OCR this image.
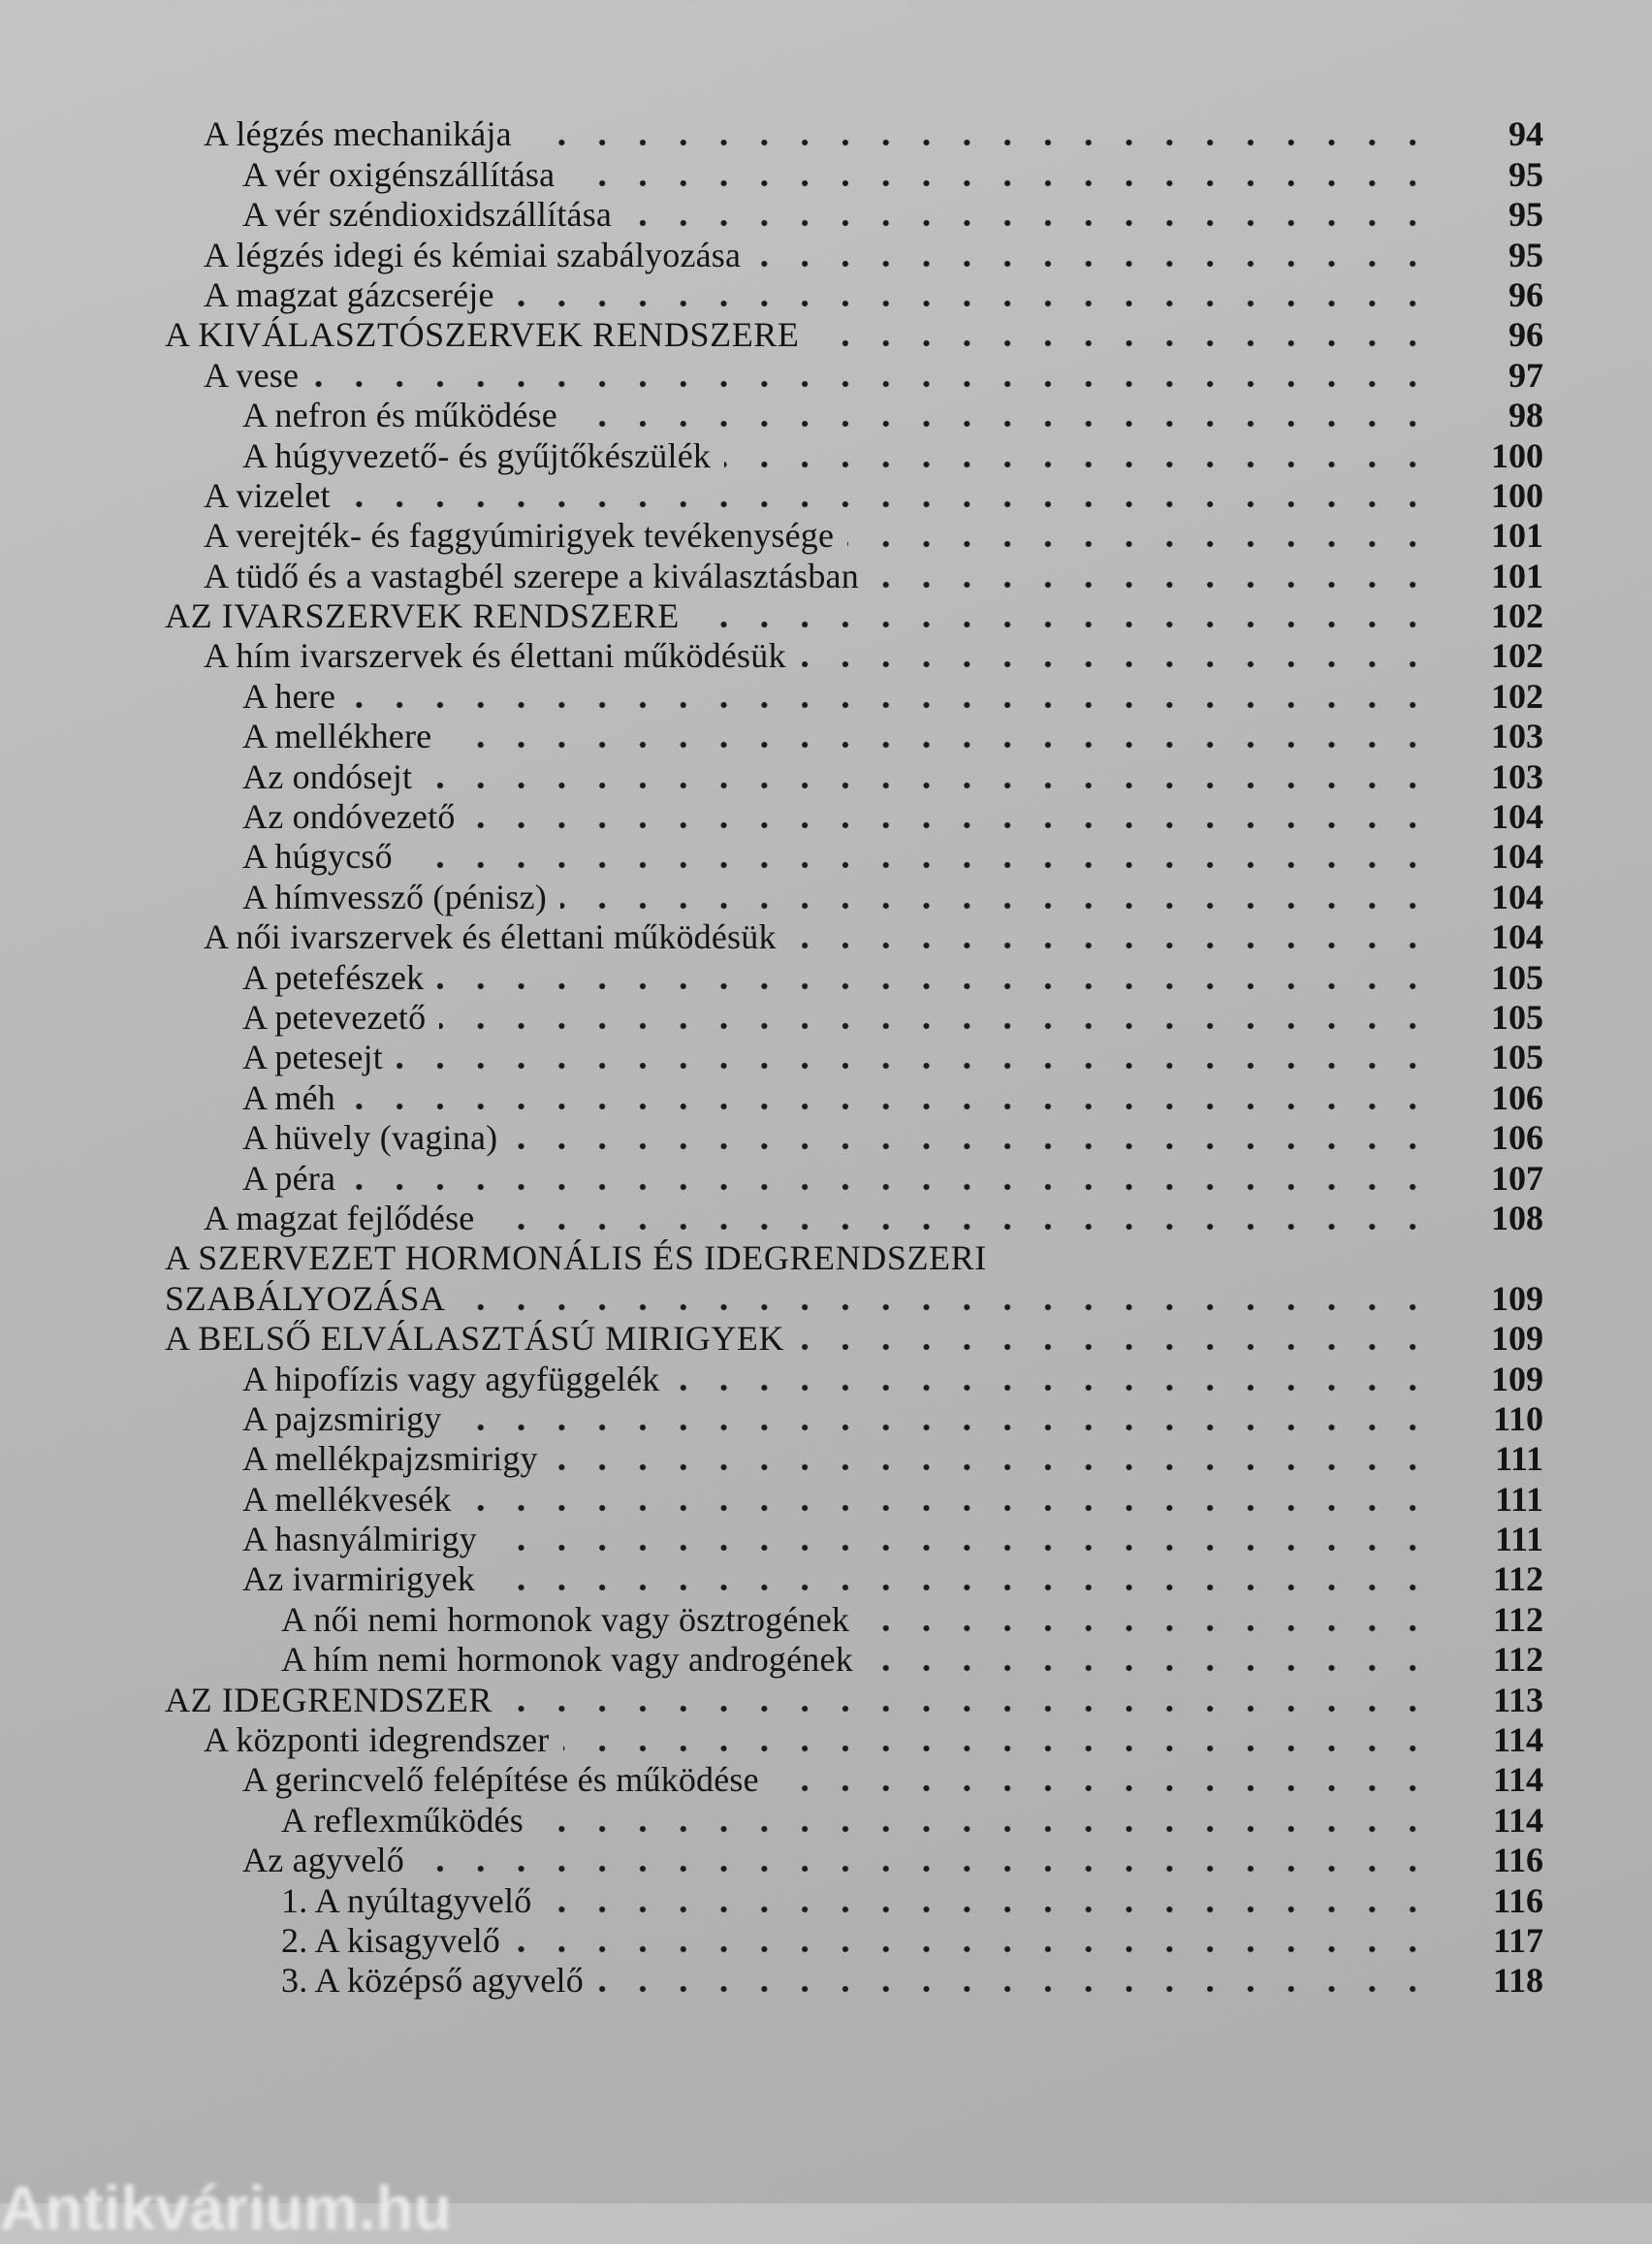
A légzés mechanikája	94
A vér oxigénszállítása	95
A vér széndioxidszállítása	95
A légzés idegi és kémiai szabályozása	95
A magzat gázcseréje	96
A KIVÁLASZTÓSZERVEK RENDSZERE	96
A vese	97
A nefron és működése	98
A húgyvezető- és gyűjtőkészülék	100
A vizelet	100
A verejték- és faggyúmirigyek tevékenysége	101
A tüdő és a vastagbél szerepe a kiválasztásban	101
AZ IVARSZERVEK RENDSZERE	102
A hím ivarszervek és élettani működésük	102
A here	102
A mellékhere	103
Az ondósejt	103
Az ondóvezető	104
A húgycső	104
A hímvessző (pénisz)	104
A női ivarszervek és élettani működésük	104
A petefészek	105
A petevezető	105
A petesejt	105
A méh	106
A hüvely (vagina)	106
A péra	107
A magzat fejlődése	108
A SZERVEZET HORMONÁLIS ÉS IDEGRENDSZERI
SZABÁLYOZÁSA	109
A BELSŐ ELVÁLASZTÁSÚ MIRIGYEK	109
A hipofízis vagy agyfüggelék	109
A pajzsmirigy	110
A mellékpajzsmirigy	111
A mellékvesék	111
A hasnyálmirigy	111
Az ivarmirigyek	112
A női nemi hormonok vagy ösztrogének	112
A hím nemi hormonok vagy androgének	112
AZ IDEGRENDSZER	113
A központi idegrendszer	114
A gerincvelő felépítése és működése	114
A reflexműködés	114
Az agyvelő	116
1. A nyúltagyvelő	116
2. A kisagyvelő	117
3. A középső agyvelő	118
Antikvárium.hu
